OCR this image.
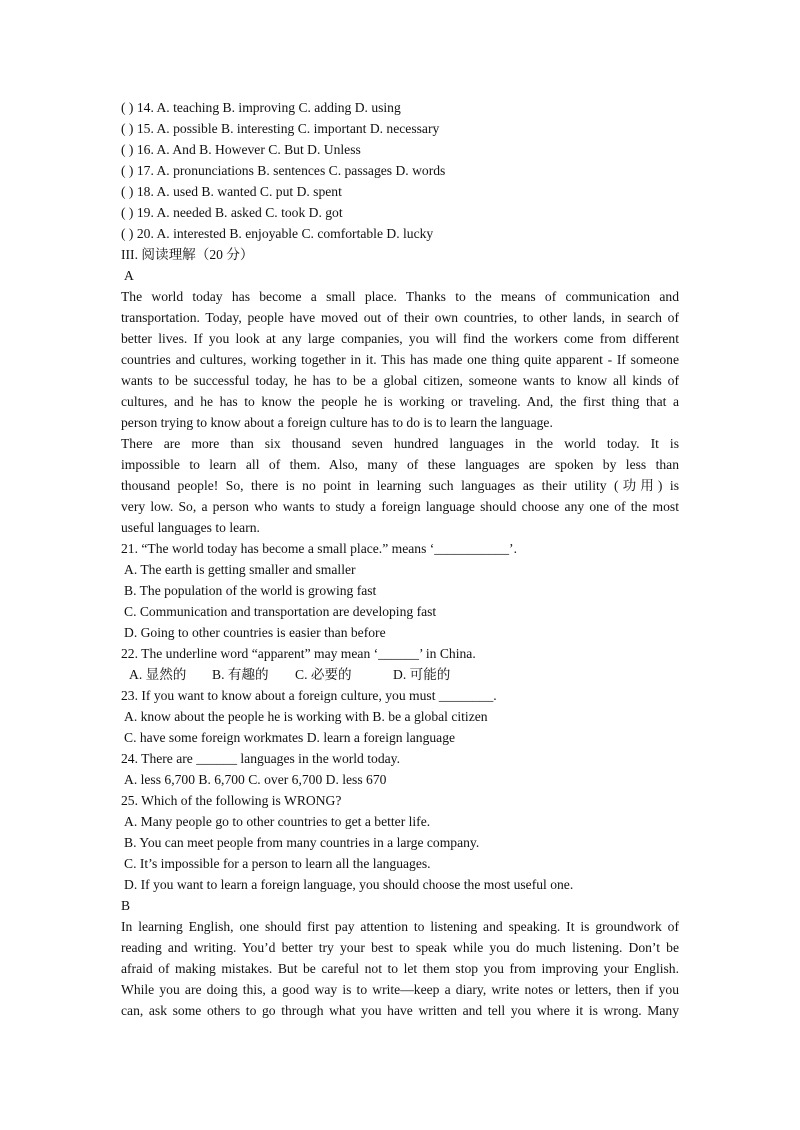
( ) 14. A. teaching B. improving C. adding D. using
( ) 15. A. possible B. interesting C. important D. necessary
( ) 16. A. And B. However C. But D. Unless
( ) 17. A. pronunciations B. sentences C. passages D. words
( ) 18. A. used B. wanted C. put D. spent
( ) 19. A. needed B. asked C. took D. got
( ) 20. A. interested B. enjoyable C. comfortable D. lucky
III. 阅读理解（20 分）
A
The world today has become a small place. Thanks to the means of communication and
transportation. Today, people have moved out of their own countries, to other lands, in search of
better lives. If you look at any large companies, you will find the workers come from different
countries and cultures, working together in it. This has made one thing quite apparent - If someone
wants to be successful today, he has to be a global citizen, someone wants to know all kinds of
cultures, and he has to know the people he is working or traveling. And, the first thing that a
person trying to know about a foreign culture has to do is to learn the language.
There are more than six thousand seven hundred languages in the world today. It is
impossible to learn all of them. Also, many of these languages are spoken by less than
thousand people! So, there is no point in learning such languages as their utility (功用) is
very low. So, a person who wants to study a foreign language should choose any one of the most
useful languages to learn.
21. “The world today has become a small place.” means ‘___________’.
A. The earth is getting smaller and smaller
B. The population of the world is growing fast
C. Communication and transportation are developing fast
D. Going to other countries is easier than before
22. The underline word “apparent” may mean ‘______’ in China.
A. 显然的 B. 有趣的 C. 必要的	D. 可能的
23. If you want to know about a foreign culture, you must ________.
A. know about the people he is working with B. be a global citizen
C. have some foreign workmates D. learn a foreign language
24. There are ______ languages in the world today.
A. less 6,700 B. 6,700 C. over 6,700 D. less 670
25. Which of the following is WRONG?
A. Many people go to other countries to get a better life.
B. You can meet people from many countries in a large company.
C. It’s impossible for a person to learn all the languages.
D. If you want to learn a foreign language, you should choose the most useful one.
B
In learning English, one should first pay attention to listening and speaking. It is groundwork of
reading and writing. You’d better try your best to speak while you do much listening. Don’t be
afraid of making mistakes. But be careful not to let them stop you from improving your English.
While you are doing this, a good way is to write—keep a diary, write notes or letters, then if you
can, ask some others to go through what you have written and tell you where it is wrong. Many
